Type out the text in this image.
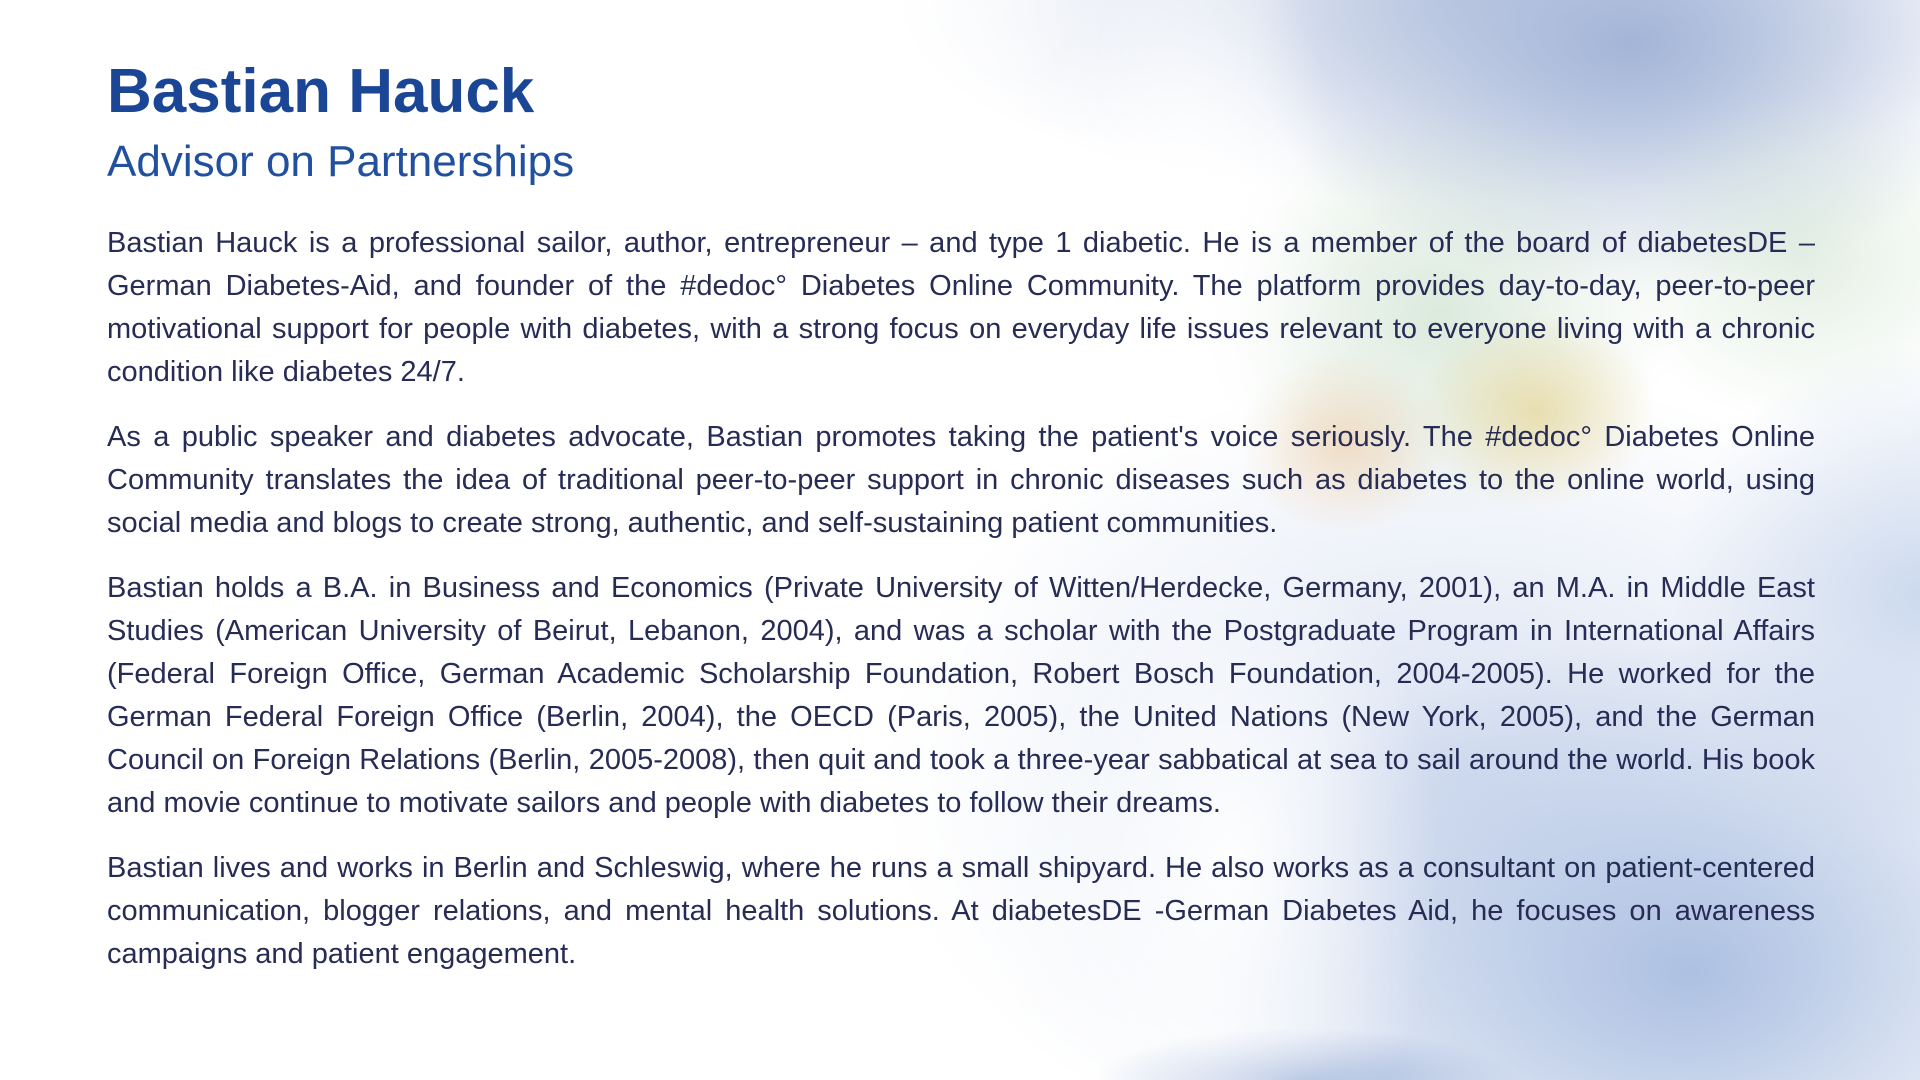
Bastian Hauck
Advisor on Partnerships

Bastian Hauck is a professional sailor, author, entrepreneur – and type 1 diabetic. He is a member of the board of diabetesDE – German Diabetes-Aid, and founder of the #dedoc° Diabetes Online Community. The platform provides day-to-day, peer-to-peer motivational support for people with diabetes, with a strong focus on everyday life issues relevant to everyone living with a chronic condition like diabetes 24/7.

As a public speaker and diabetes advocate, Bastian promotes taking the patient's voice seriously. The #dedoc° Diabetes Online Community translates the idea of traditional peer-to-peer support in chronic diseases such as diabetes to the online world, using social media and blogs to create strong, authentic, and self-sustaining patient communities.

Bastian holds a B.A. in Business and Economics (Private University of Witten/Herdecke, Germany, 2001), an M.A. in Middle East Studies (American University of Beirut, Lebanon, 2004), and was a scholar with the Postgraduate Program in International Affairs (Federal Foreign Office, German Academic Scholarship Foundation, Robert Bosch Foundation, 2004-2005). He worked for the German Federal Foreign Office (Berlin, 2004), the OECD (Paris, 2005), the United Nations (New York, 2005), and the German Council on Foreign Relations (Berlin, 2005-2008), then quit and took a three-year sabbatical at sea to sail around the world. His book and movie continue to motivate sailors and people with diabetes to follow their dreams.

Bastian lives and works in Berlin and Schleswig, where he runs a small shipyard. He also works as a consultant on patient-centered communication, blogger relations, and mental health solutions. At diabetesDE -German Diabetes Aid, he focuses on awareness campaigns and patient engagement.
